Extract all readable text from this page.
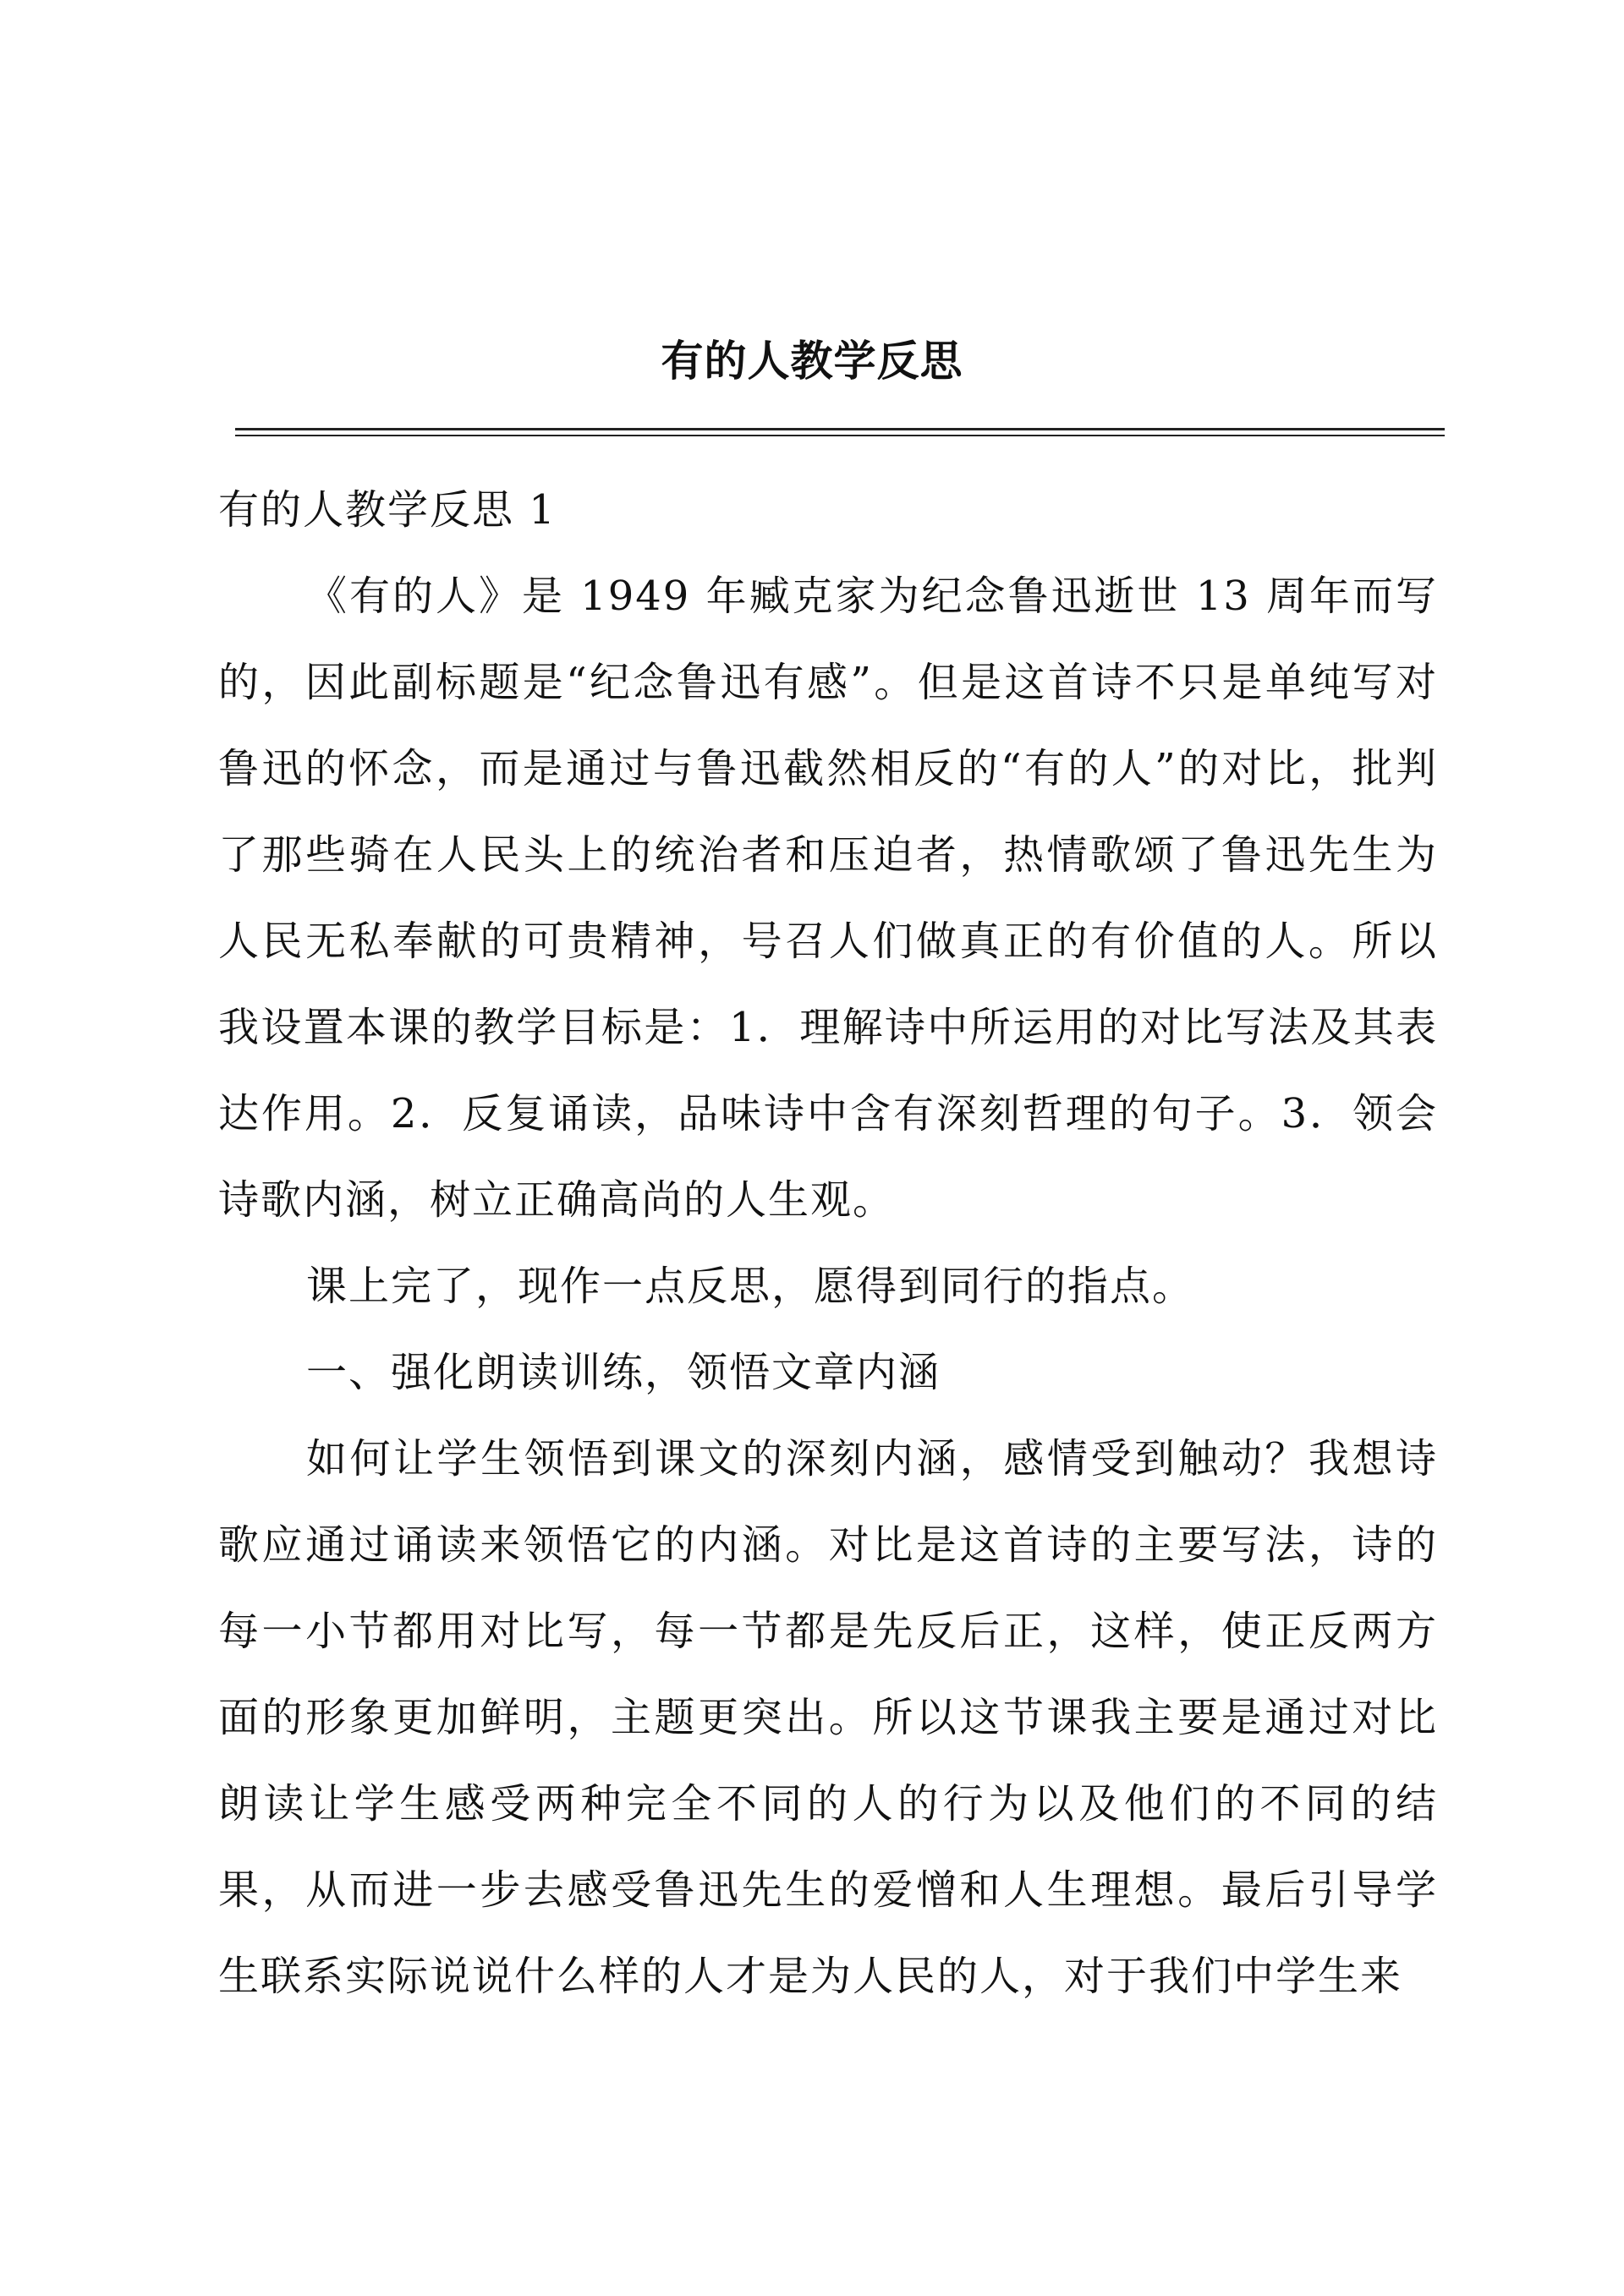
有的人教学反思

有的人教学反思 1

《有的人》是 1949 年臧克家为纪念鲁迅逝世 13 周年而写的，因此副标题是“纪念鲁迅有感”。但是这首诗不只是单纯写对鲁迅的怀念，而是通过与鲁迅截然相反的“有的人”的对比，批判了那些骑在人民头上的统治者和压迫者，热情歌颂了鲁迅先生为人民无私奉献的可贵精神，号召人们做真正的有价值的人。所以我设置本课的教学目标是：1．理解诗中所运用的对比写法及其表达作用。2．反复诵读，品味诗中含有深刻哲理的句子。3．领会诗歌内涵，树立正确高尚的人生观。

课上完了，现作一点反思，愿得到同行的指点。

一、强化朗读训练，领悟文章内涵

如何让学生领悟到课文的深刻内涵，感情受到触动？我想诗歌应通过诵读来领悟它的内涵。对比是这首诗的主要写法，诗的每一小节都用对比写，每一节都是先反后正，这样，使正反两方面的形象更加鲜明，主题更突出。所以这节课我主要是通过对比朗读让学生感受两种完全不同的人的行为以及他们的不同的结果，从而进一步去感受鲁迅先生的爱憎和人生理想。最后引导学生联系实际说说什么样的人才是为人民的人，对于我们中学生来
